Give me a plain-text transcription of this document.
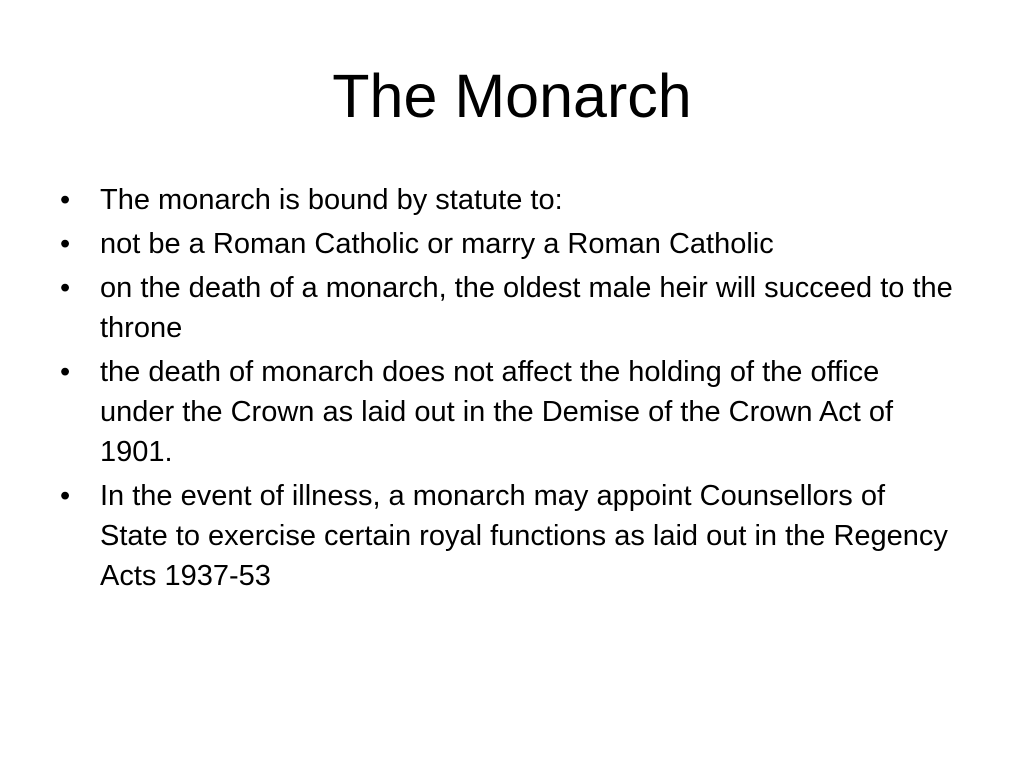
The Monarch
• The monarch is bound by statute to:
• not be a Roman Catholic or marry a Roman Catholic
• on the death of a monarch, the oldest male heir will succeed to the throne
• the death of monarch does not affect the holding of the office under the Crown as laid out in the Demise of the Crown Act of 1901.
• In the event of illness, a monarch may appoint Counsellors of State to exercise certain royal functions as laid out in the Regency Acts 1937-53
